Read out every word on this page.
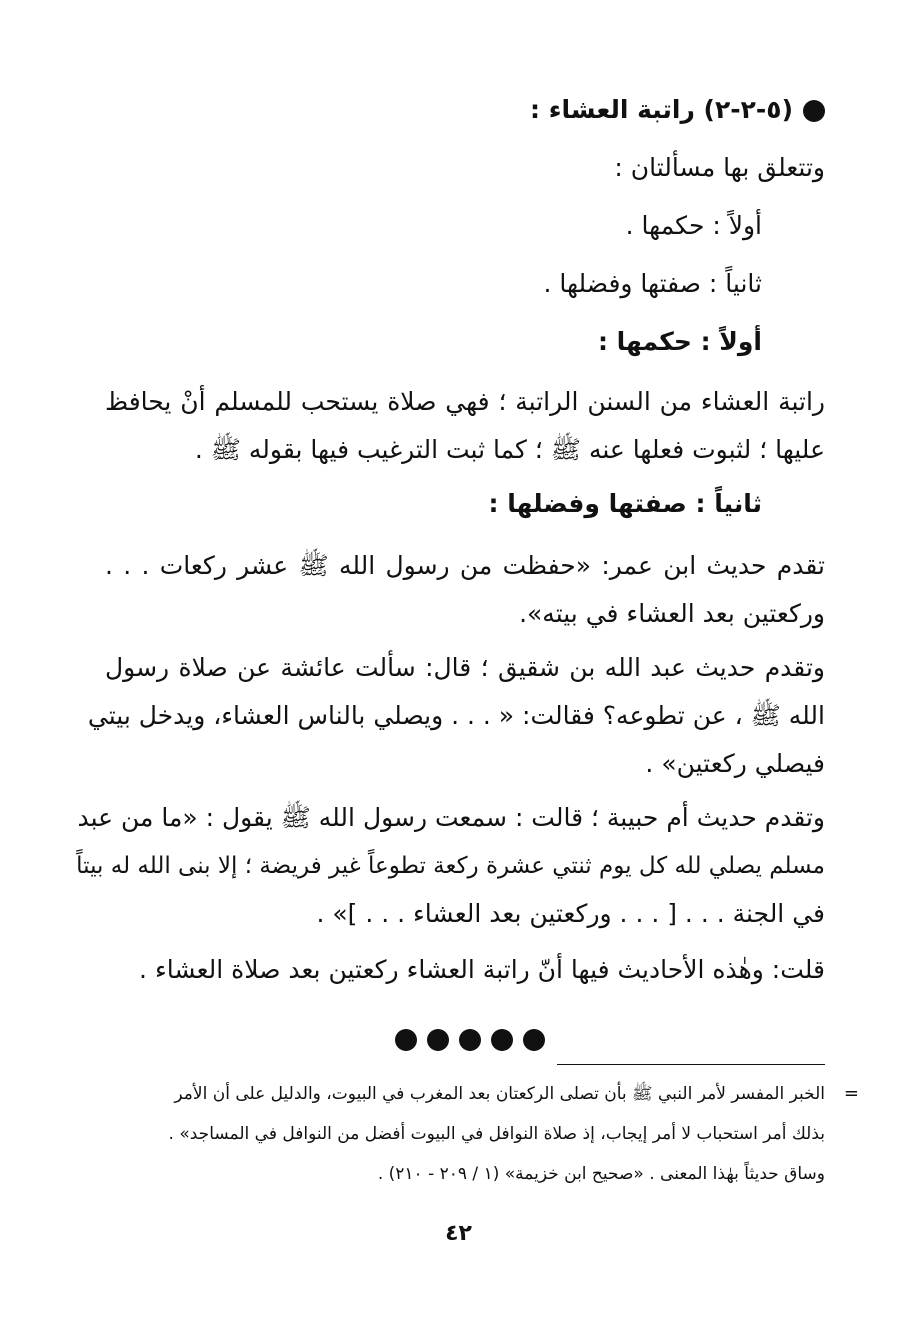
(٥-٢-٢) راتبة العشاء :
وتتعلق بها مسألتان :
أولاً : حكمها .
ثانياً : صفتها وفضلها .
أولاً : حكمها :
راتبة العشاء من السنن الراتبة ؛ فهي صلاة يستحب للمسلم أنْ يحافظ
عليها ؛ لثبوت فعلها عنه ﷺ ؛ كما ثبت الترغيب فيها بقوله ﷺ .
ثانياً : صفتها وفضلها :
تقدم حديث ابن عمر: «حفظت من رسول الله ﷺ عشر ركعات . . .
وركعتين بعد العشاء في بيته».
وتقدم حديث عبد الله بن شقيق ؛ قال: سألت عائشة عن صلاة رسول
الله ﷺ ، عن تطوعه؟ فقالت: « . . . ويصلي بالناس العشاء، ويدخل بيتي
فيصلي ركعتين» .
وتقدم حديث أم حبيبة ؛ قالت : سمعت رسول الله ﷺ يقول : «ما من عبد
مسلم يصلي لله كل يوم ثنتي عشرة ركعة تطوعاً غير فريضة ؛ إلا بنى الله له بيتاً
في الجنة . . . [ . . . وركعتين بعد العشاء . . . ]» .
قلت: وهٰذه الأحاديث فيها أنّ راتبة العشاء ركعتين بعد صلاة العشاء .
=
الخبر المفسر لأمر النبي ﷺ بأن تصلى الركعتان بعد المغرب في البيوت، والدليل على أن الأمر
بذلك أمر استحباب لا أمر إيجاب، إذ صلاة النوافل في البيوت أفضل من النوافل في المساجد» .
وساق حديثاً بهٰذا المعنى . «صحيح ابن خزيمة» (١ / ٢٠٩ - ٢١٠) .
٤٢
